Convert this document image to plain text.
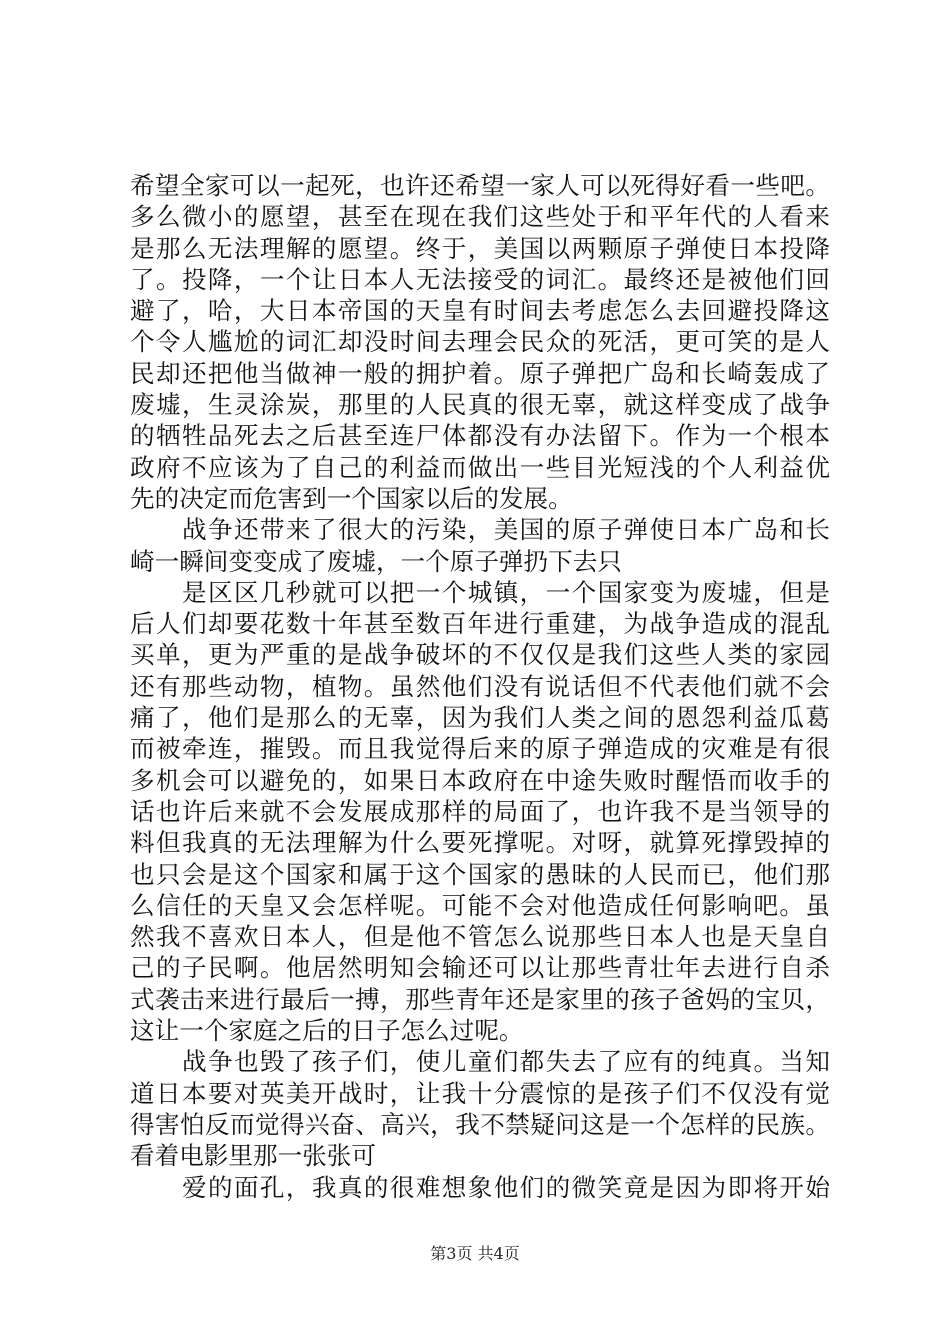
希望全家可以一起死，也许还希望一家人可以死得好看一些吧。
多么微小的愿望，甚至在现在我们这些处于和平年代的人看来
是那么无法理解的愿望。终于，美国以两颗原子弹使日本投降
了。投降，一个让日本人无法接受的词汇。最终还是被他们回
避了，哈，大日本帝国的天皇有时间去考虑怎么去回避投降这
个令人尴尬的词汇却没时间去理会民众的死活，更可笑的是人
民却还把他当做神一般的拥护着。原子弹把广岛和长崎轰成了
废墟，生灵涂炭，那里的人民真的很无辜，就这样变成了战争
的牺牲品死去之后甚至连尸体都没有办法留下。作为一个根本
政府不应该为了自己的利益而做出一些目光短浅的个人利益优
先的决定而危害到一个国家以后的发展。
战争还带来了很大的污染，美国的原子弹使日本广岛和长
崎一瞬间变变成了废墟，一个原子弹扔下去只
是区区几秒就可以把一个城镇，一个国家变为废墟，但是
后人们却要花数十年甚至数百年进行重建，为战争造成的混乱
买单，更为严重的是战争破坏的不仅仅是我们这些人类的家园
还有那些动物，植物。虽然他们没有说话但不代表他们就不会
痛了，他们是那么的无辜，因为我们人类之间的恩怨利益瓜葛
而被牵连，摧毁。而且我觉得后来的原子弹造成的灾难是有很
多机会可以避免的，如果日本政府在中途失败时醒悟而收手的
话也许后来就不会发展成那样的局面了，也许我不是当领导的
料但我真的无法理解为什么要死撑呢。对呀，就算死撑毁掉的
也只会是这个国家和属于这个国家的愚昧的人民而已，他们那
么信任的天皇又会怎样呢。可能不会对他造成任何影响吧。虽
然我不喜欢日本人，但是他不管怎么说那些日本人也是天皇自
己的子民啊。他居然明知会输还可以让那些青壮年去进行自杀
式袭击来进行最后一搏，那些青年还是家里的孩子爸妈的宝贝，
这让一个家庭之后的日子怎么过呢。
战争也毁了孩子们，使儿童们都失去了应有的纯真。当知
道日本要对英美开战时，让我十分震惊的是孩子们不仅没有觉
得害怕反而觉得兴奋、高兴，我不禁疑问这是一个怎样的民族。
看着电影里那一张张可
爱的面孔，我真的很难想象他们的微笑竟是因为即将开始
第3页 共4页
